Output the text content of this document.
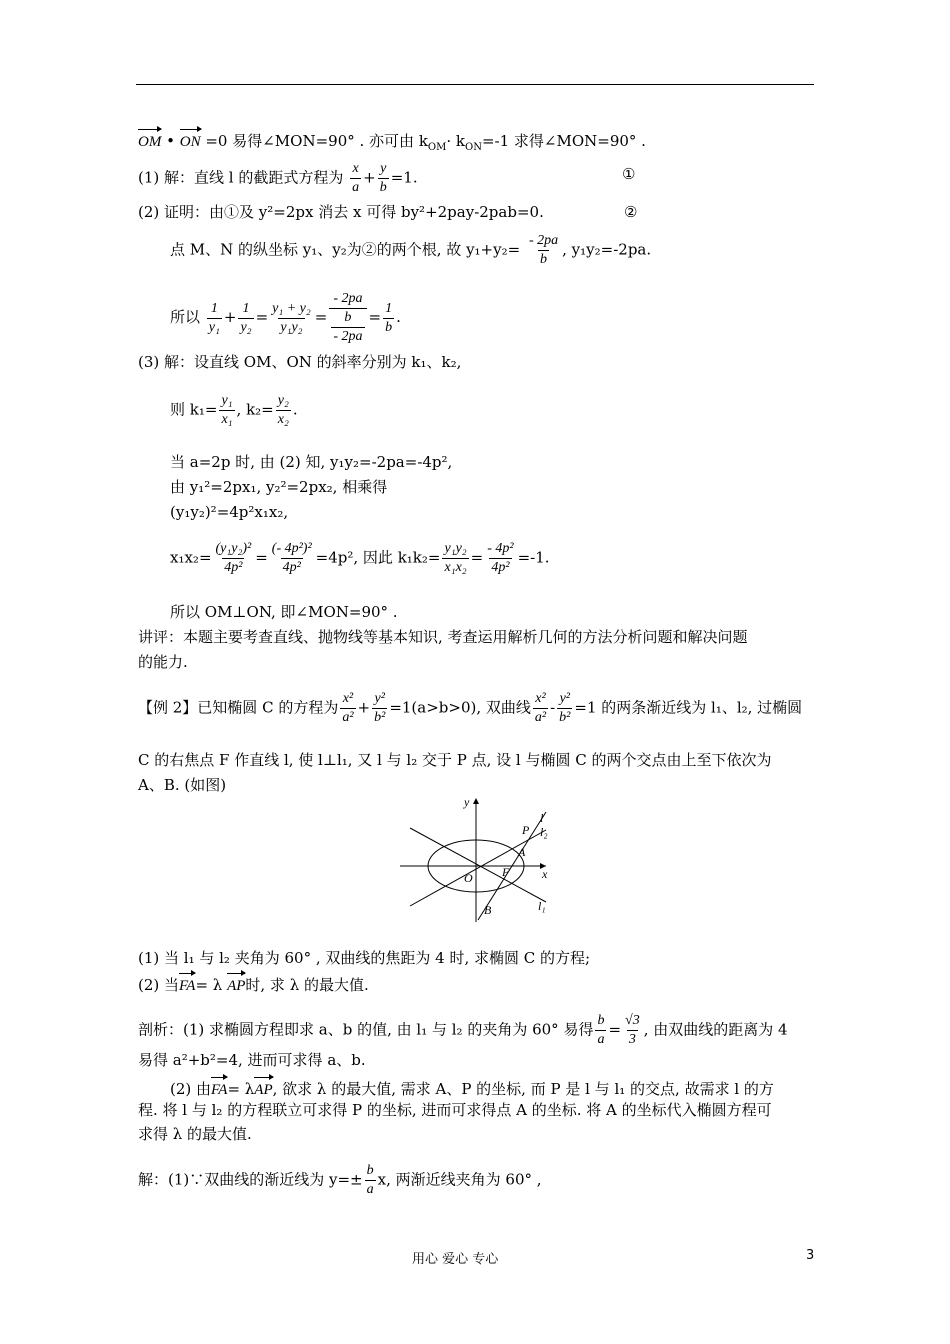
OM • ON =0 易得∠MON=90° . 亦可由 $k_{OM}\cdot k_{ON}=-1$ 求得∠MON=90° .
(1) 解：直线 l 的截距式方程为 $\frac{x}{a} + \frac{y}{b} =1$.	①
(2) 证明：由①及 y²=2px 消去 x 可得 by²+2pay-2pab=0.	②
点 M、N 的纵坐标 y₁、y₂为②的两个根, 故 $y_1+y_2= \frac{- 2pa}{b}$ , y₁y₂=-2pa.
所以 $\frac{1}{\text{y₁}} + \frac{1}{\text{y₂}} = \frac{\text{y₁ + y₂}}{\text{y₁y₂}} = \frac{- 2pa}{\frac{b}{- 2pa}} = \frac{1}{b}$ .
(3) 解：设直线 OM、ON 的斜率分别为 k₁、k₂,
则 $k_1= \frac{\text{y₁}}{\text{x₁}}$ , $k_2= \frac{\text{y₂}}{\text{x₂}}$ .
当 a=2p 时, 由 (2) 知, y₁y₂=-2pa=-4p²,
由 y₁²=2px₁, y₂²=2px₂, 相乘得
(y₁y₂)²=4p²x₁x₂,
$x_1x_2= \frac{\text{(y₁y₂)²}}{\text{4p²}} = \frac{\text{(- 4p²)²}}{\text{4p²}} =4p^2$, 因此 $k_1k_2= \frac{\text{y₁y₂}}{\text{x₁x₂}} = \frac{\text{- 4p²}}{\text{4p²}} =-1$.
所以 OM⊥ON, 即∠MON=90° .
讲评：本题主要考查直线、抛物线等基本知识, 考查运用解析几何的方法分析问题和解决问题
的能力.
【例 2】已知椭圆 C 的方程为 $\frac{\text{x²}}{\text{a²}} + \frac{\text{y²}}{\text{b²}} =1(a>b>0)$, 双曲线 $\frac{\text{x²}}{\text{a²}} - \frac{\text{y²}}{\text{b²}} =1$ 的两条渐近线为 l₁、l₂, 过椭圆
C 的右焦点 F 作直线 l, 使 l⊥l₁, 又 l 与 l₂ 交于 P 点, 设 l 与椭圆 C 的两个交点由上至下依次为
A、B. (如图)
y
x
O F
A
B
P
l
l₂
l₁
(1) 当 l₁ 与 l₂ 夹角为 60° , 双曲线的焦距为 4 时, 求椭圆 C 的方程;
(2) 当FA= λ AP时, 求 λ 的最大值.
剖析：(1) 求椭圆方程即求 a、b 的值, 由 l₁ 与 l₂ 的夹角为 60° 易得 $\frac{b}{a} = \frac{√3}{3}$ , 由双曲线的距离为 4
易得 a²+b²=4, 进而可求得 a、b.
(2) 由FA= λAP, 欲求 λ 的最大值, 需求 A、P 的坐标, 而 P 是 l 与 l₁ 的交点, 故需求 l 的方
程. 将 l 与 l₂ 的方程联立可求得 P 的坐标, 进而可求得点 A 的坐标. 将 A 的坐标代入椭圆方程可
求得 λ 的最大值.
解：(1)∵双曲线的渐近线为 $y=\pm \frac{b}{a} x$, 两渐近线夹角为 60° ,
用心 爱心 专心	3
